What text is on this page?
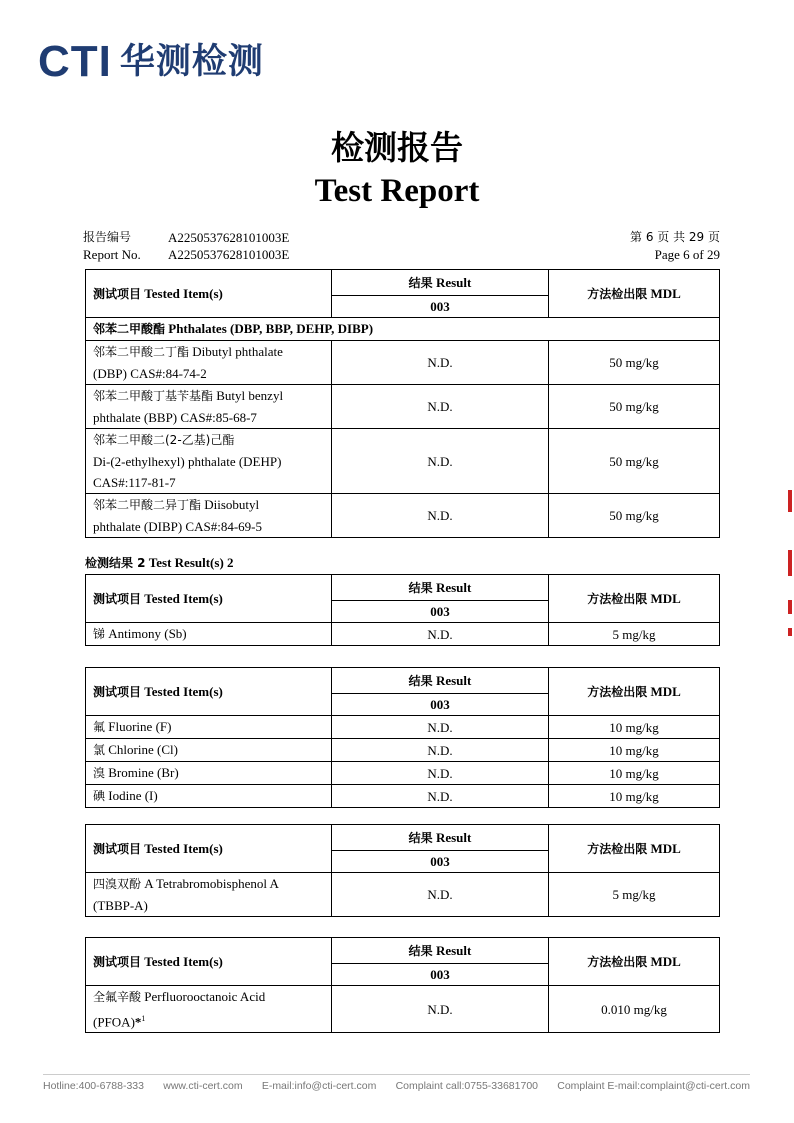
CTI 华测检测
检测报告
Test Report
报告编号	A2250537628101003E
Report No. A2250537628101003E
第 6 页 共 29 页
Page 6 of 29
测试项目 Tested Item(s)	结果 Result	方法检出限 MDL
	003	
邻苯二甲酸酯 Phthalates (DBP, BBP, DEHP, DIBP)		
邻苯二甲酸二丁酯 Dibutyl phthalate
(DBP) CAS#:84-74-2	N.D.	50 mg/kg
邻苯二甲酸丁基苄基酯 Butyl benzyl
phthalate (BBP) CAS#:85-68-7	N.D.	50 mg/kg
邻苯二甲酸二(2-乙基)己酯
Di-(2-ethylhexyl) phthalate (DEHP)
CAS#:117-81-7	N.D.	50 mg/kg
邻苯二甲酸二异丁酯 Diisobutyl
phthalate (DIBP) CAS#:84-69-5	N.D.	50 mg/kg
检测结果 2 Test Result(s) 2
测试项目 Tested Item(s)	结果 Result	方法检出限 MDL
	003	
锑 Antimony (Sb)	N.D.	5 mg/kg
测试项目 Tested Item(s)	结果 Result	方法检出限 MDL
	003	
氟 Fluorine (F)	N.D.	10 mg/kg
氯 Chlorine (Cl)	N.D.	10 mg/kg
溴 Bromine (Br)	N.D.	10 mg/kg
碘 Iodine (I)	N.D.	10 mg/kg
测试项目 Tested Item(s)	结果 Result	方法检出限 MDL
	003	
四溴双酚 A Tetrabromobisphenol A
(TBBP-A)	N.D.	5 mg/kg
测试项目 Tested Item(s)	结果 Result	方法检出限 MDL
	003	
全氟辛酸 Perfluorooctanoic Acid
(PFOA)*$^1$	N.D.	0.010 mg/kg
Hotline:400-6788-333 www.cti-cert.com E-mail:info@cti-cert.com Complaint call:0755-33681700 Complaint E-mail:complaint@cti-cert.com
